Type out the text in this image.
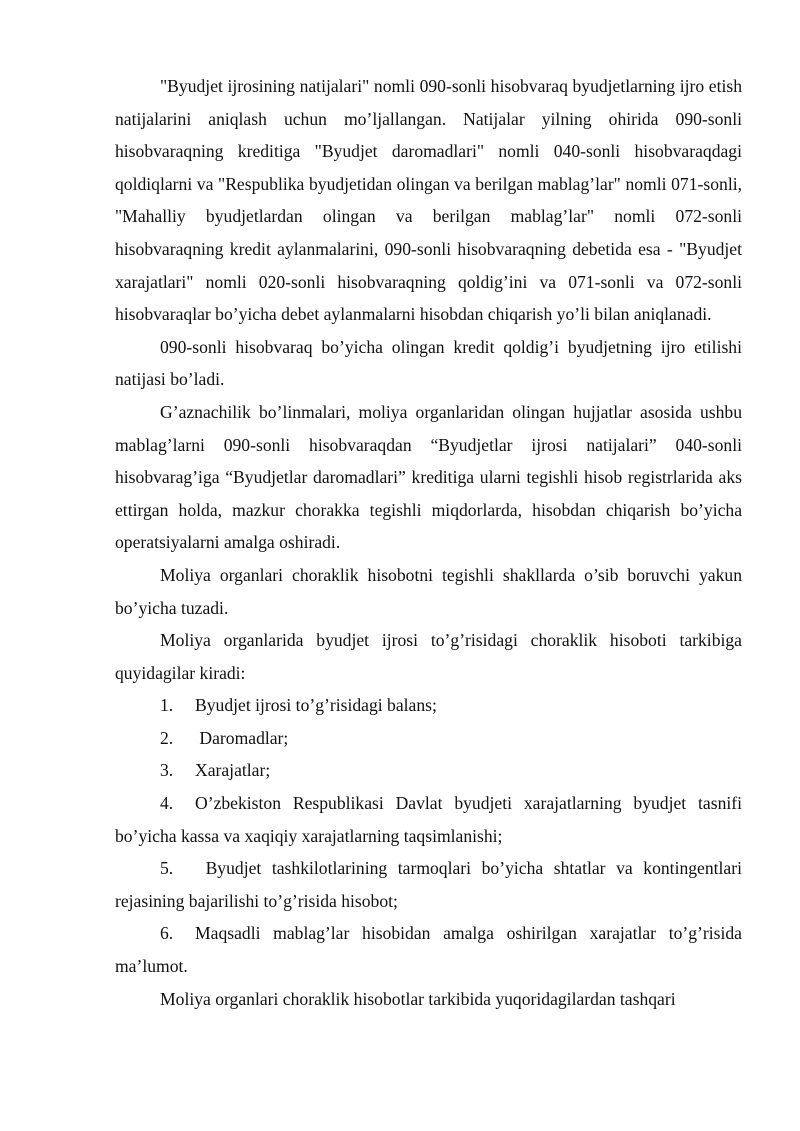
"Byudjet ijrosining natijalari" nomli 090-sonli hisobvaraq byudjetlarning ijro etish natijalarini aniqlash uchun mo’ljallangan. Natijalar yilning ohirida 090-sonli hisobvaraqning kreditiga "Byudjet daromadlari" nomli 040-sonli hisobvaraqdagi qoldiqlarni va "Respublika byudjetidan olingan va berilgan mablag’lar" nomli 071-sonli, "Mahalliy byudjetlardan olingan va berilgan mablag’lar" nomli 072-sonli hisobvaraqning kredit aylanmalarini, 090-sonli hisobvaraqning debetida esa - "Byudjet xarajatlari" nomli 020-sonli hisobvaraqning qoldig’ini va 071-sonli va 072-sonli hisobvaraqlar bo’yicha debet aylanmalarni hisobdan chiqarish yo’li bilan aniqlanadi.

090-sonli hisobvaraq bo’yicha olingan kredit qoldig’i byudjetning ijro etilishi natijasi bo’ladi.

G’aznachilik bo’linmalari, moliya organlaridan olingan hujjatlar asosida ushbu mablag’larni 090-sonli hisobvaraqdan “Byudjetlar ijrosi natijalari” 040-sonli hisobvarag’iga “Byudjetlar daromadlari” kreditiga ularni tegishli hisob registrlarida aks ettirgan holda, mazkur chorakka tegishli miqdorlarda, hisobdan chiqarish bo’yicha operatsiyalarni amalga oshiradi.

Moliya organlari choraklik hisobotni tegishli shakllarda o’sib boruvchi yakun bo’yicha tuzadi.

Moliya organlarida byudjet ijrosi to’g’risidagi choraklik hisoboti tarkibiga quyidagilar kiradi:

1. Byudjet ijrosi to’g’risidagi balans;
2. Daromadlar;
3. Xarajatlar;
4. O’zbekiston Respublikasi Davlat byudjeti xarajatlarning byudjet tasnifi bo’yicha kassa va xaqiqiy xarajatlarning taqsimlanishi;
5. Byudjet tashkilotlarining tarmoqlari bo’yicha shtatlar va kontingentlari rejasining bajarilishi to’g’risida hisobot;
6. Maqsadli mablag’lar hisobidan amalga oshirilgan xarajatlar to’g’risida ma’lumot.

Moliya organlari choraklik hisobotlar tarkibida yuqoridagilardan tashqari
